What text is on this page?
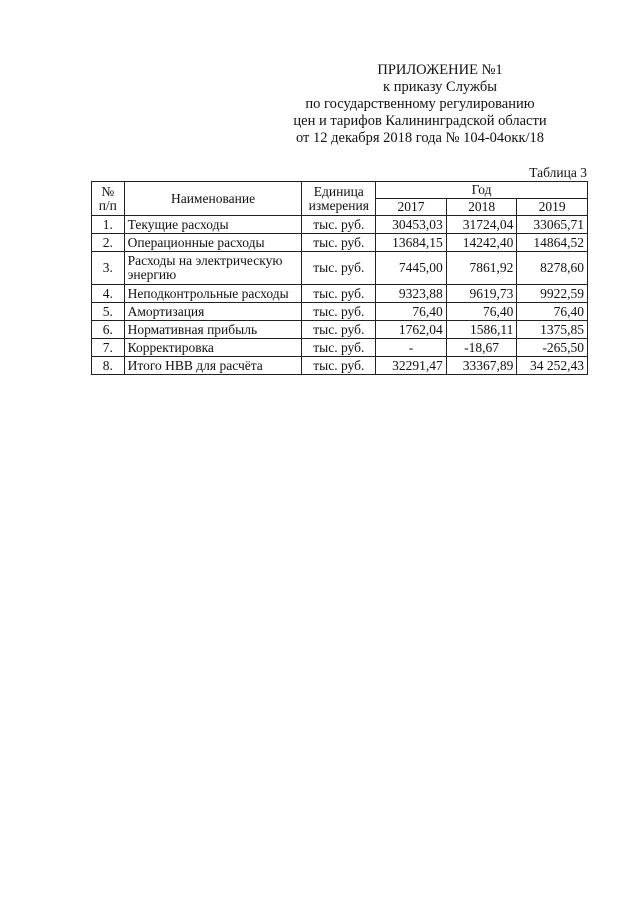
ПРИЛОЖЕНИЕ №1
к приказу Службы
по государственному регулированию
цен и тарифов Калининградской области
от 12 декабря 2018 года № 104-04окк/18
Таблица 3
№ п/п	Наименование	Единица измерения	Год		
			2017	2018	2019
1.	Текущие расходы	тыс. руб.	30453,03	31724,04	33065,71
2.	Операционные расходы	тыс. руб.	13684,15	14242,40	14864,52
3.	Расходы на электрическую энергию	тыс. руб.	7445,00	7861,92	8278,60
4.	Неподконтрольные расходы	тыс. руб.	9323,88	9619,73	9922,59
5.	Амортизация	тыс. руб.	76,40	76,40	76,40
6.	Нормативная прибыль	тыс. руб.	1762,04	1586,11	1375,85
7.	Корректировка	тыс. руб.	-	-18,67	-265,50
8.	Итого НВВ для расчёта	тыс. руб.	32291,47	33367,89	34 252,43
